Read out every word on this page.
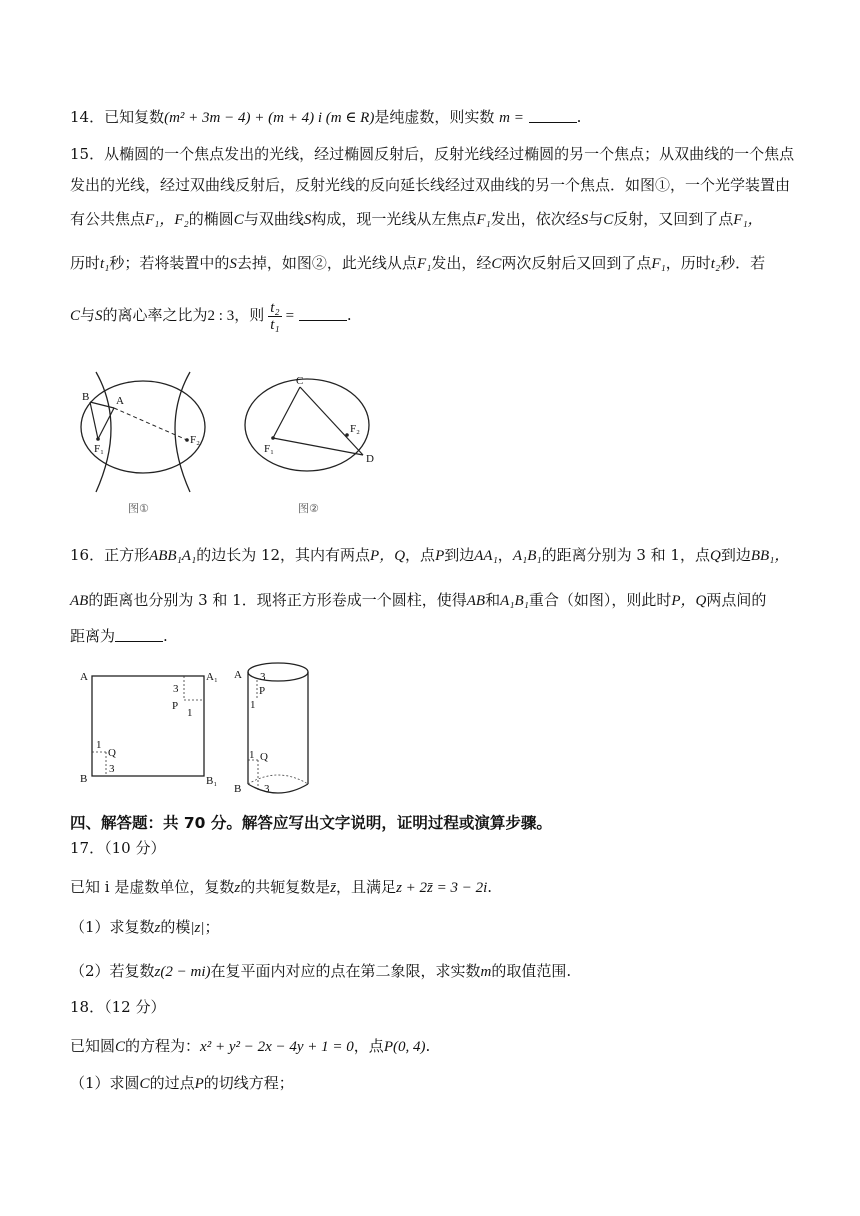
14．已知复数(m² + 3m − 4) + (m + 4) i (m ∈ R)是纯虚数，则实数 m =	.
15．从椭圆的一个焦点发出的光线，经过椭圆反射后，反射光线经过椭圆的另一个焦点；从双曲线的一个焦点
发出的光线，经过双曲线反射后，反射光线的反向延长线经过双曲线的另一个焦点．如图①，一个光学装置由
有公共焦点F₁，F₂的椭圆C与双曲线S构成，现一光线从左焦点F₁发出，依次经S与C反射，又回到了点F₁，
历时t₁秒；若将装置中的S去掉，如图②，此光线从点F₁发出，经C两次反射后又回到了点F₁，历时t₂秒．若
C与S的离心率之比为2 : 3，则 $\frac{\text{t₂}}{\text{t₁}}$ =	.
B A
F₁
F₂
图①
C
F₁
F₂
D
图②
16．正方形ABB₁A₁的边长为 12，其内有两点P，Q，点P到边AA₁，A₁B₁的距离分别为 3 和 1，点Q到边BB₁，
AB的距离也分别为 3 和 1．现将正方形卷成一个圆柱，使得AB和A₁B₁重合（如图），则此时P，Q两点间的
距离为	.
A	A₁
B	B₁
3
P
1
1
Q
3
A 3
P
1
1 Q
B 3
四、解答题：共 70 分。解答应写出文字说明，证明过程或演算步骤。
17．（10 分）
已知 i 是虚数单位，复数z的共轭复数是z̄，且满足z + 2z̄ = 3 − 2i.
（1）求复数z的模|z|；
（2）若复数z(2 − mi)在复平面内对应的点在第二象限，求实数m的取值范围.
18．（12 分）
已知圆C的方程为：x² + y² − 2x − 4y + 1 = 0，点P(0, 4).
（1）求圆C的过点P的切线方程；
